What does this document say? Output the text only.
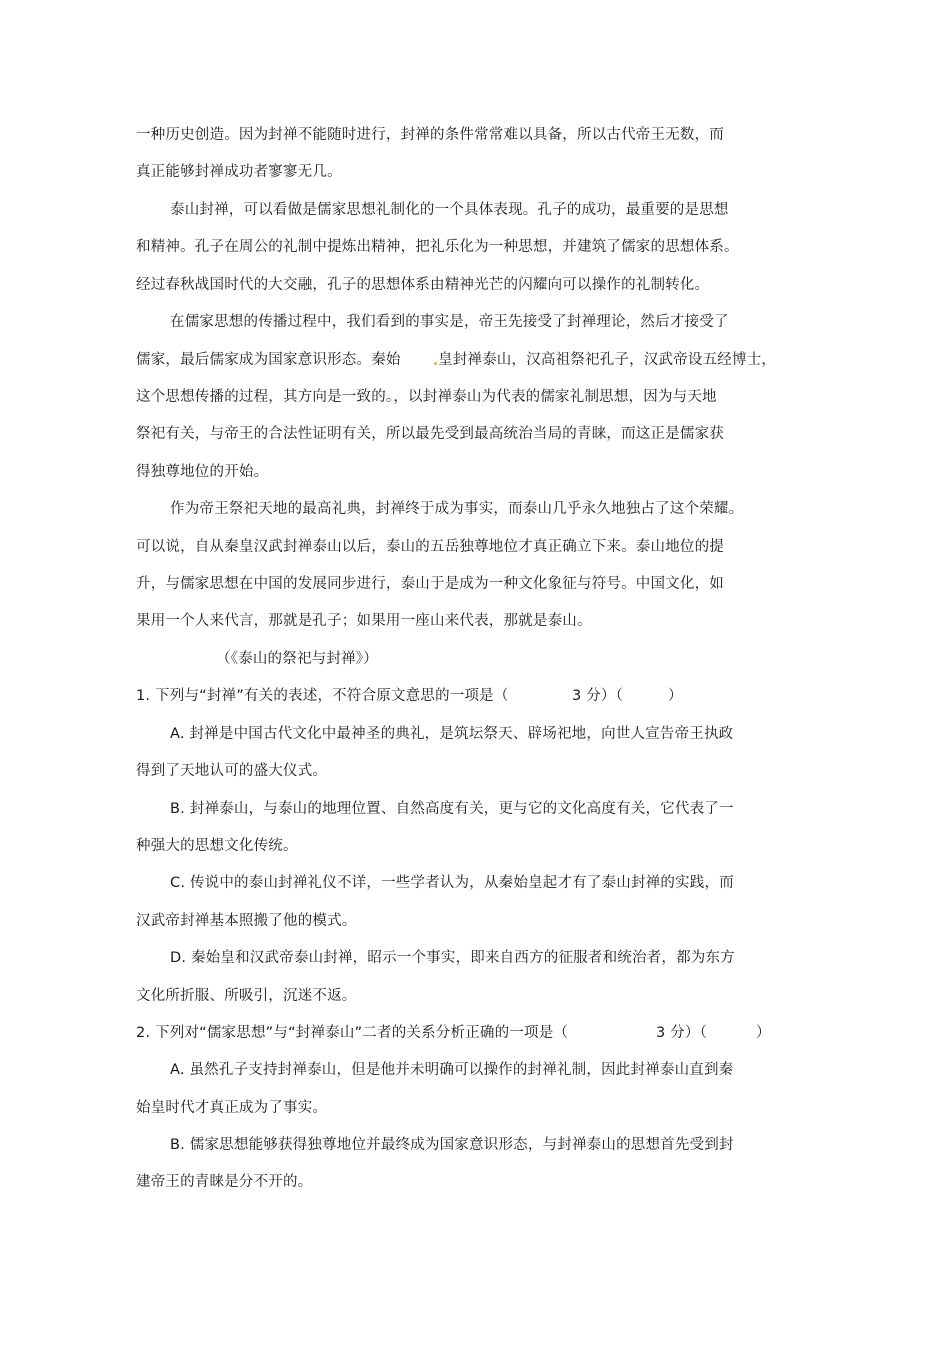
一种历史创造。因为封禅不能随时进行，封禅的条件常常难以具备，所以古代帝王无数，而
真正能够封禅成功者寥寥无几。
泰山封禅，可以看做是儒家思想礼制化的一个具体表现。孔子的成功，最重要的是思想
和精神。孔子在周公的礼制中提炼出精神，把礼乐化为一种思想，并建筑了儒家的思想体系。
经过春秋战国时代的大交融，孔子的思想体系由精神光芒的闪耀向可以操作的礼制转化。
在儒家思想的传播过程中，我们看到的事实是，帝王先接受了封禅理论，然后才接受了
儒家，最后儒家成为国家意识形态。秦始	皇封禅泰山，汉高祖祭祀孔子，汉武帝设五经博士，
这个思想传播的过程，其方向是一致的。，以封禅泰山为代表的儒家礼制思想，因为与天地
祭祀有关，与帝王的合法性证明有关，所以最先受到最高统治当局的青睐，而这正是儒家获
得独尊地位的开始。
作为帝王祭祀天地的最高礼典，封禅终于成为事实，而泰山几乎永久地独占了这个荣耀。
可以说，自从秦皇汉武封禅泰山以后，泰山的五岳独尊地位才真正确立下来。泰山地位的提
升，与儒家思想在中国的发展同步进行，泰山于是成为一种文化象征与符号。中国文化，如
果用一个人来代言，那就是孔子；如果用一座山来代表，那就是泰山。
（《泰山的祭祀与封禅》）
1. 下列与“封禅”有关的表述，不符合原文意思的一项是（	3 分）（	）
A. 封禅是中国古代文化中最神圣的典礼，是筑坛祭天、辟场祀地，向世人宣告帝王执政
得到了天地认可的盛大仪式。
B. 封禅泰山，与泰山的地理位置、自然高度有关，更与它的文化高度有关，它代表了一
种强大的思想文化传统。
C. 传说中的泰山封禅礼仪不详，一些学者认为，从秦始皇起才有了泰山封禅的实践，而
汉武帝封禅基本照搬了他的模式。
D. 秦始皇和汉武帝泰山封禅，昭示一个事实，即来自西方的征服者和统治者，都为东方
文化所折服、所吸引，沉迷不返。
2. 下列对“儒家思想”与“封禅泰山”二者的关系分析正确的一项是（	3 分）（	）
A. 虽然孔子支持封禅泰山，但是他并未明确可以操作的封禅礼制，因此封禅泰山直到秦
始皇时代才真正成为了事实。
B. 儒家思想能够获得独尊地位并最终成为国家意识形态，与封禅泰山的思想首先受到封
建帝王的青睐是分不开的。
